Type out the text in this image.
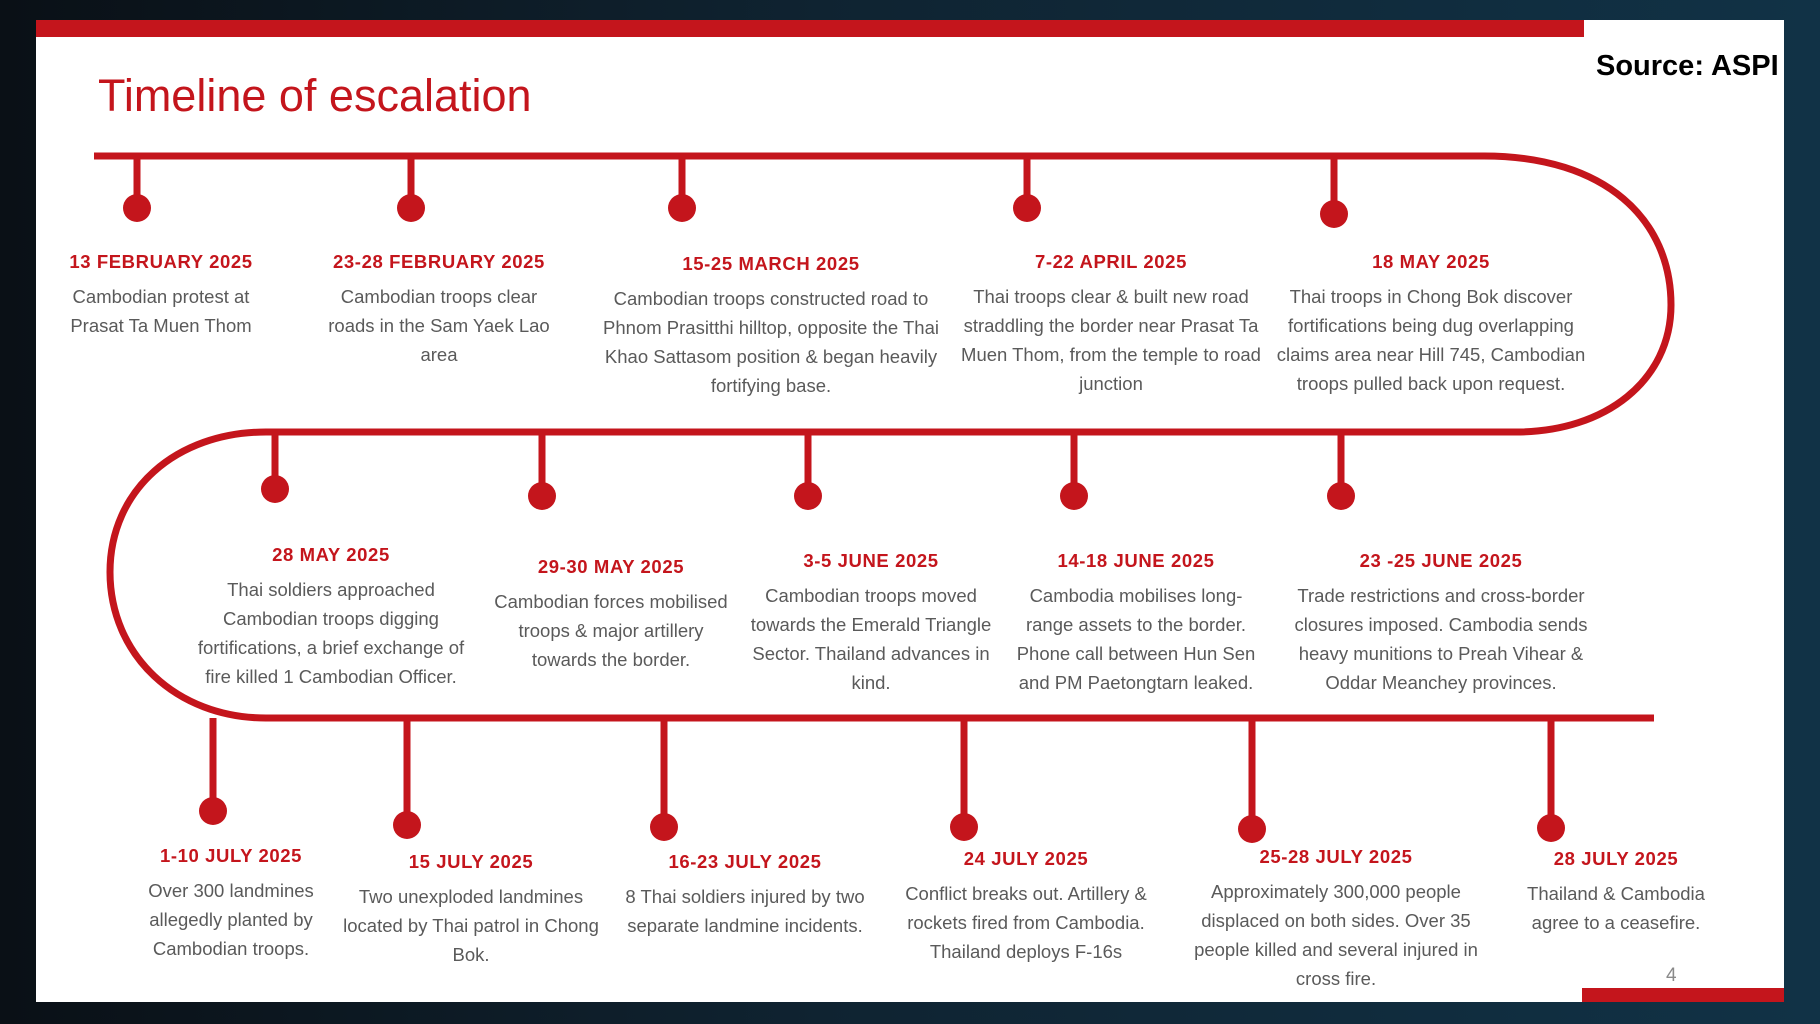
Source: ASPI
Timeline of escalation
13 FEBRUARY 2025
Cambodian protest at Prasat Ta Muen Thom
23-28 FEBRUARY 2025
Cambodian troops clear roads in the Sam Yaek Lao area
15-25 MARCH 2025
Cambodian troops constructed road to Phnom Prasitthi hilltop, opposite the Thai Khao Sattasom position & began heavily fortifying base.
7-22 APRIL 2025
Thai troops clear & built new road straddling the border near Prasat Ta Muen Thom, from the temple to road junction
18 MAY 2025
Thai troops in Chong Bok discover fortifications being dug overlapping claims area near Hill 745, Cambodian troops pulled back upon request.
28 MAY 2025
Thai soldiers approached Cambodian troops digging fortifications, a brief exchange of fire killed 1 Cambodian Officer.
29-30 MAY 2025
Cambodian forces mobilised troops & major artillery towards the border.
3-5 JUNE 2025
Cambodian troops moved towards the Emerald Triangle Sector. Thailand advances in kind.
14-18 JUNE 2025
Cambodia mobilises long-range assets to the border. Phone call between Hun Sen and PM Paetongtarn leaked.
23 -25 JUNE 2025
Trade restrictions and cross-border closures imposed. Cambodia sends heavy munitions to Preah Vihear & Oddar Meanchey provinces.
1-10 JULY 2025
Over 300 landmines allegedly planted by Cambodian troops.
15 JULY 2025
Two unexploded landmines located by Thai patrol in Chong Bok.
16-23 JULY 2025
8 Thai soldiers injured by two separate landmine incidents.
24 JULY 2025
Conflict breaks out. Artillery & rockets fired from Cambodia. Thailand deploys F-16s
25-28 JULY 2025
Approximately 300,000 people displaced on both sides. Over 35 people killed and several injured in cross fire.
28 JULY 2025
Thailand & Cambodia agree to a ceasefire.
4
